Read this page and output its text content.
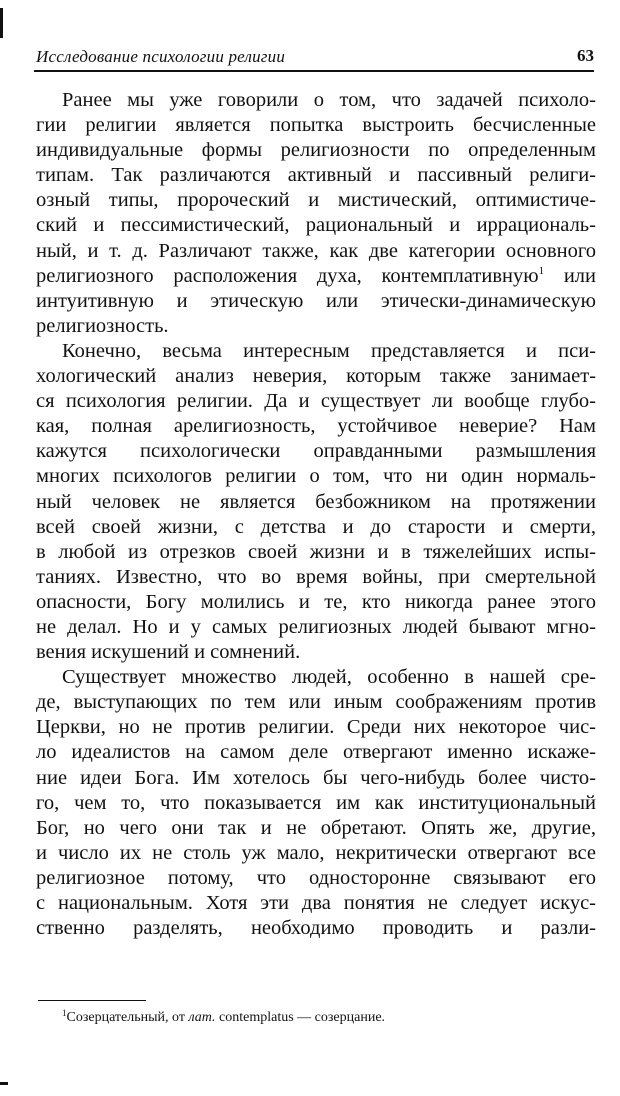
Исследование психологии религии	63

Ранее мы уже говорили о том, что задачей психоло-
гии религии является попытка выстроить бесчисленные
индивидуальные формы религиозности по определенным
типам. Так различаются активный и пассивный религи-
озный типы, пророческий и мистический, оптимистиче-
ский и пессимистический, рациональный и иррациональ-
ный, и т. д. Различают также, как две категории основного
религиозного расположения духа, контемплативную$^1$ или
интуитивную и этическую или этически-динамическую
религиозность.

Конечно, весьма интересным представляется и пси-
хологический анализ неверия, которым также занимает-
ся психология религии. Да и существует ли вообще глубо-
кая, полная арелигиозность, устойчивое неверие? Нам
кажутся психологически оправданными размышления
многих психологов религии о том, что ни один нормаль-
ный человек не является безбожником на протяжении
всей своей жизни, с детства и до старости и смерти,
в любой из отрезков своей жизни и в тяжелейших испы-
таниях. Известно, что во время войны, при смертельной
опасности, Богу молились и те, кто никогда ранее этого
не делал. Но и у самых религиозных людей бывают мгно-
вения искушений и сомнений.

Существует множество людей, особенно в нашей сре-
де, выступающих по тем или иным соображениям против
Церкви, но не против религии. Среди них некоторое чис-
ло идеалистов на самом деле отвергают именно искаже-
ние идеи Бога. Им хотелось бы чего-нибудь более чисто-
го, чем то, что показывается им как институциональный
Бог, но чего они так и не обретают. Опять же, другие,
и число их не столь уж мало, некритически отвергают все
религиозное потому, что односторонне связывают его
с национальным. Хотя эти два понятия не следует искус-
ственно разделять, необходимо проводить и разли-

$^1$Созерцательный, от лат. contemplatus — созерцание.
